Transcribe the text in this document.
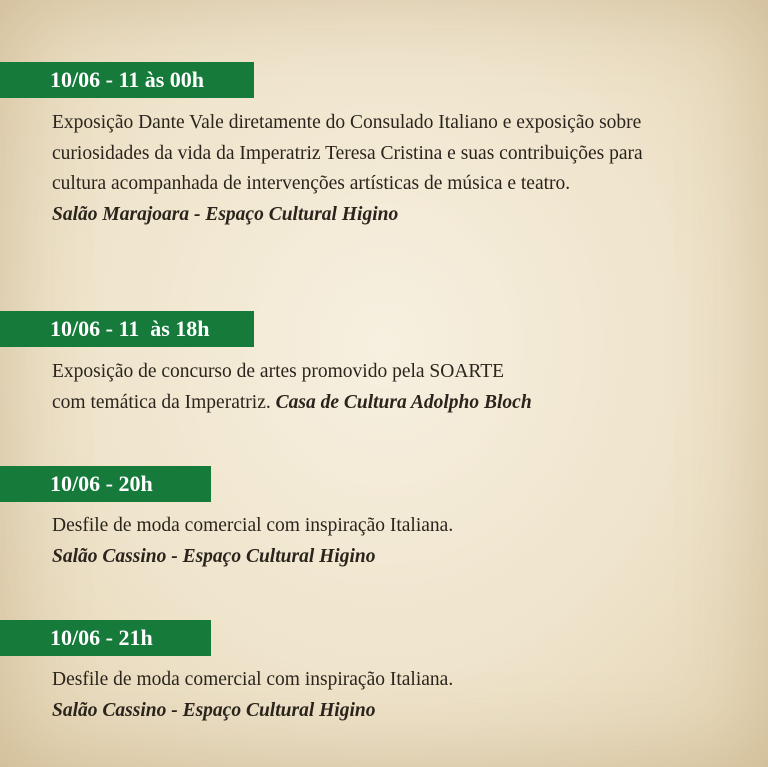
10/06 - 11 às 00h

Exposição Dante Vale diretamente do Consulado Italiano e exposição sobre curiosidades da vida da Imperatriz Teresa Cristina e suas contribuições para cultura acompanhada de intervenções artísticas de música e teatro.
Salão Marajoara - Espaço Cultural Higino

10/06 - 11  às 18h

Exposição de concurso de artes promovido pela SOARTE
com temática da Imperatriz. Casa de Cultura Adolpho Bloch

10/06 - 20h

Desfile de moda comercial com inspiração Italiana.
Salão Cassino - Espaço Cultural Higino

10/06 - 21h

Desfile de moda comercial com inspiração Italiana.
Salão Cassino - Espaço Cultural Higino
